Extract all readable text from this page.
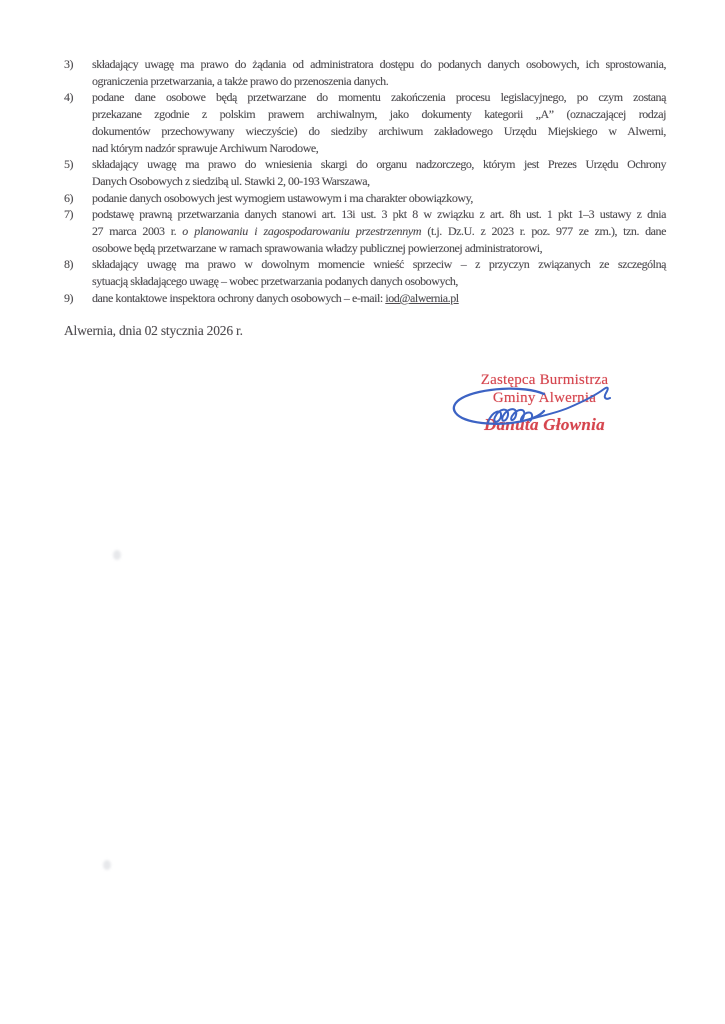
3)	składający uwagę ma prawo do żądania od administratora dostępu do podanych danych osobowych, ich sprostowania,
ograniczenia przetwarzania, a także prawo do przenoszenia danych.
4)	podane dane osobowe będą przetwarzane do momentu zakończenia procesu legislacyjnego, po czym zostaną
przekazane zgodnie z polskim prawem archiwalnym, jako dokumenty kategorii „A” (oznaczającej rodzaj
dokumentów przechowywany wieczyście) do siedziby archiwum zakładowego Urzędu Miejskiego w Alwerni,
nad którym nadzór sprawuje Archiwum Narodowe,
5)	składający uwagę ma prawo do wniesienia skargi do organu nadzorczego, którym jest Prezes Urzędu Ochrony
Danych Osobowych z siedzibą ul. Stawki 2, 00-193 Warszawa,
6)	podanie danych osobowych jest wymogiem ustawowym i ma charakter obowiązkowy,
7)	podstawę prawną przetwarzania danych stanowi art. 13i ust. 3 pkt 8 w związku z art. 8h ust. 1 pkt 1–3 ustawy z dnia
27 marca 2003 r. o planowaniu i zagospodarowaniu przestrzennym (t.j. Dz.U. z 2023 r. poz. 977 ze zm.), tzn. dane
osobowe będą przetwarzane w ramach sprawowania władzy publicznej powierzonej administratorowi,
8)	składający uwagę ma prawo w dowolnym momencie wnieść sprzeciw – z przyczyn związanych ze szczególną
sytuacją składającego uwagę – wobec przetwarzania podanych danych osobowych,
9)	dane kontaktowe inspektora ochrony danych osobowych – e-mail: iod@alwernia.pl
Alwernia, dnia 02 stycznia 2026 r.
Zastępca Burmistrza
Gminy Alwernia
Danuta Głownia
